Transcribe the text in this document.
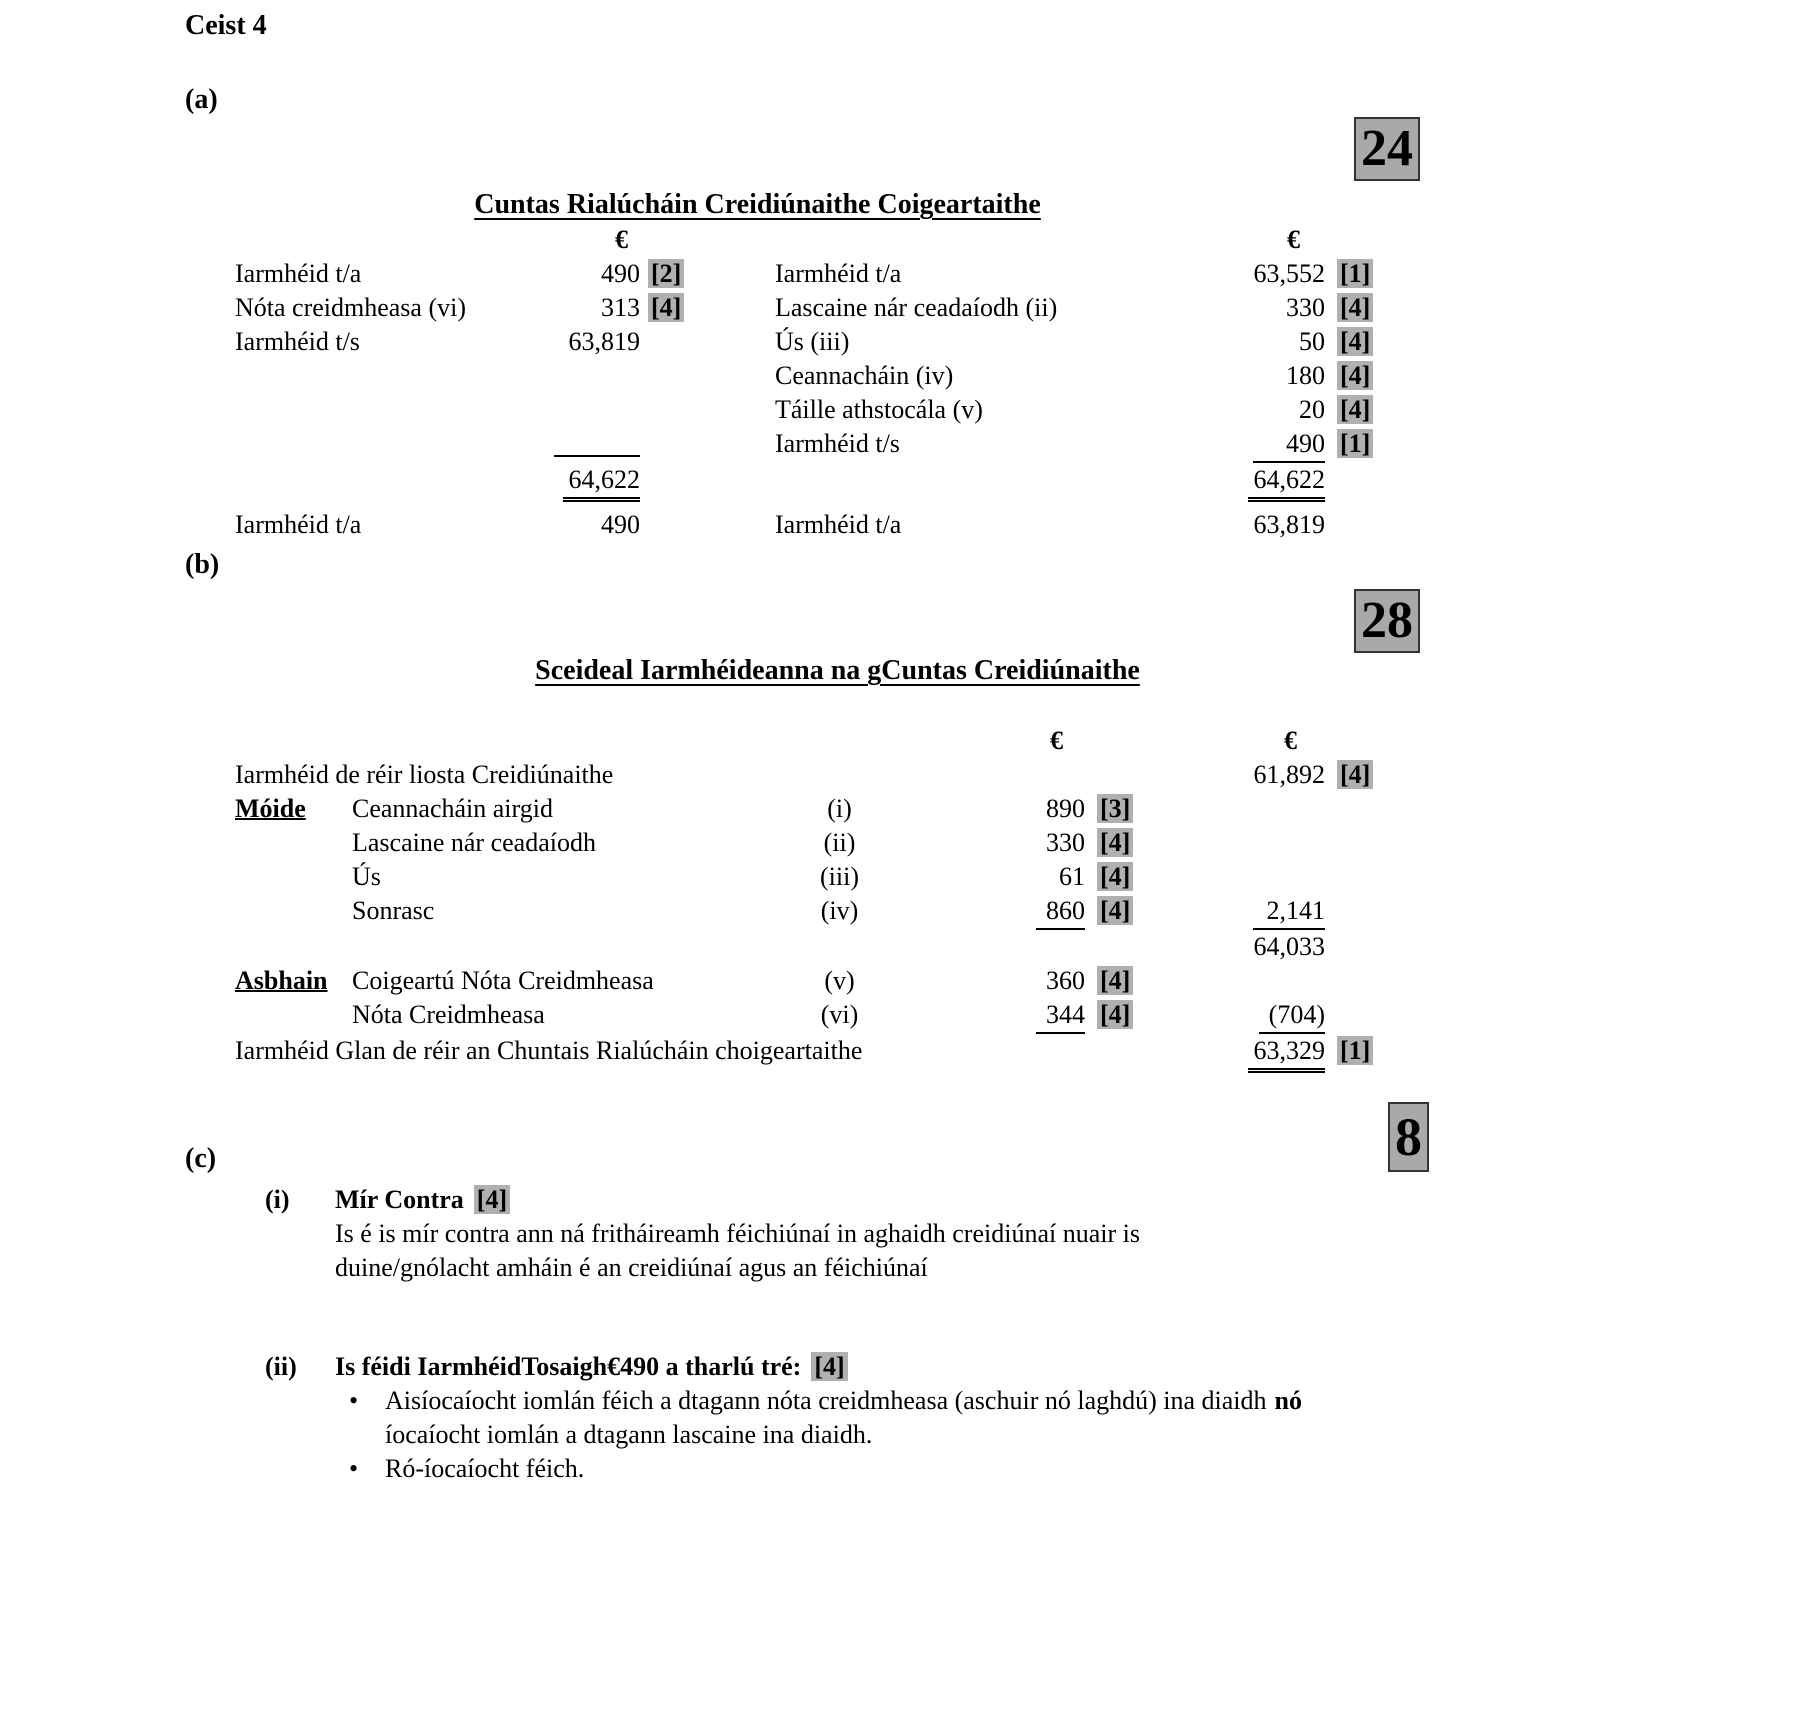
Ceist 4
(a)
24
Cuntas Rialúcháin Creidiúnaithe Coigeartaithe
€	€
Iarmhéid t/a	490 [2]	Iarmhéid t/a	63,552 [1]
Nóta creidmheasa (vi)	313 [4]	Lascaine nár ceadaíodh (ii)	330 [4]
Iarmhéid t/s	63,819	Ús (iii)	50 [4]
Ceannacháin (iv)	180 [4]
Táille athstocála (v)	20 [4]
Iarmhéid t/s	490 [1]
64,622	64,622
Iarmhéid t/a	490	Iarmhéid t/a	63,819
(b)
28
Sceideal Iarmhéideanna na gCuntas Creidiúnaithe
€	€
Iarmhéid de réir liosta Creidiúnaithe	61,892 [4]
Móide	Ceannacháin airgid	(i)	890 [3]
Lascaine nár ceadaíodh	(ii)	330 [4]
Ús	(iii)	61 [4]
Sonrasc	(iv)	860 [4]	2,141
64,033
Asbhain Coigeartú Nóta Creidmheasa	(v)	360 [4]
Nóta Creidmheasa	(vi)	344 [4]	(704)
Iarmhéid Glan de réir an Chuntais Rialúcháin choigeartaithe	63,329 [1]
8
(c)
(i)	Mír Contra [4]
Is é is mír contra ann ná fritháireamh féichiúnaí in aghaidh creidiúnaí nuair is
duine/gnólacht amháin é an creidiúnaí agus an féichiúnaí
(ii)	Is féidi IarmhéidTosaigh€490 a tharlú tré: [4]
• Aisíocaíocht iomlán féich a dtagann nóta creidmheasa (aschuir nó laghdú) ina diaidh nó
íocaíocht iomlán a dtagann lascaine ina diaidh.
• Ró-íocaíocht féich.
